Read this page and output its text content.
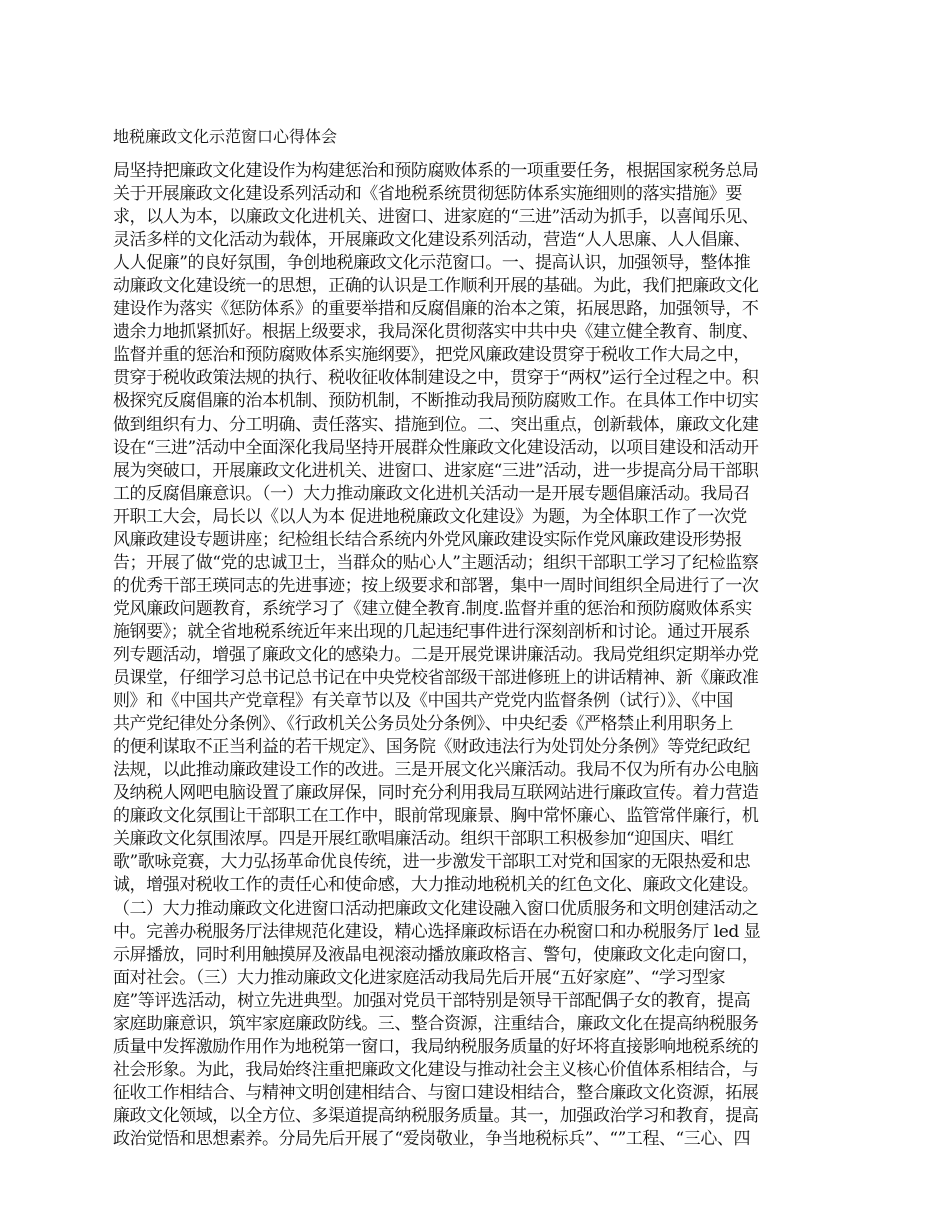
地税廉政文化示范窗口心得体会

局坚持把廉政文化建设作为构建惩治和预防腐败体系的一项重要任务，根据国家税务总局

关于开展廉政文化建设系列活动和《省地税系统贯彻惩防体系实施细则的落实措施》要

求，以人为本，以廉政文化进机关、进窗口、进家庭的“三进”活动为抓手，以喜闻乐见、

灵活多样的文化活动为载体，开展廉政文化建设系列活动，营造“人人思廉、人人倡廉、

人人促廉”的良好氛围，争创地税廉政文化示范窗口。一、提高认识，加强领导，整体推

动廉政文化建设统一的思想，正确的认识是工作顺利开展的基础。为此，我们把廉政文化

建设作为落实《惩防体系》的重要举措和反腐倡廉的治本之策，拓展思路，加强领导，不

遗余力地抓紧抓好。根据上级要求，我局深化贯彻落实中共中央《建立健全教育、制度、

监督并重的惩治和预防腐败体系实施纲要》，把党风廉政建设贯穿于税收工作大局之中，

贯穿于税收政策法规的执行、税收征收体制建设之中，贯穿于“两权”运行全过程之中。积

极探究反腐倡廉的治本机制、预防机制，不断推动我局预防腐败工作。在具体工作中切实

做到组织有力、分工明确、责任落实、措施到位。二、突出重点，创新载体，廉政文化建

设在“三进”活动中全面深化我局坚持开展群众性廉政文化建设活动，以项目建设和活动开

展为突破口，开展廉政文化进机关、进窗口、进家庭“三进”活动，进一步提高分局干部职

工的反腐倡廉意识。（一）大力推动廉政文化进机关活动一是开展专题倡廉活动。我局召

开职工大会，局长以《以人为本 促进地税廉政文化建设》为题，为全体职工作了一次党

风廉政建设专题讲座；纪检组长结合系统内外党风廉政建设实际作党风廉政建设形势报

告；开展了做“党的忠诚卫士，当群众的贴心人”主题活动；组织干部职工学习了纪检监察

的优秀干部王瑛同志的先进事迹；按上级要求和部署，集中一周时间组织全局进行了一次

党风廉政问题教育，系统学习了《建立健全教育.制度.监督并重的惩治和预防腐败体系实

施钢要》；就全省地税系统近年来出现的几起违纪事件进行深刻剖析和讨论。通过开展系

列专题活动，增强了廉政文化的感染力。二是开展党课讲廉活动。我局党组织定期举办党

员课堂，仔细学习总书记总书记在中央党校省部级干部进修班上的讲话精神、新《廉政准

则》和《中国共产党章程》有关章节以及《中国共产党党内监督条例（试行）》、《中国

共产党纪律处分条例》、《行政机关公务员处分条例》、中央纪委《严格禁止利用职务上

的便利谋取不正当利益的若干规定》、国务院《财政违法行为处罚处分条例》等党纪政纪

法规，以此推动廉政建设工作的改进。三是开展文化兴廉活动。我局不仅为所有办公电脑

及纳税人网吧电脑设置了廉政屏保，同时充分利用我局互联网站进行廉政宣传。着力营造

的廉政文化氛围让干部职工在工作中，眼前常现廉景、胸中常怀廉心、监管常伴廉行，机

关廉政文化氛围浓厚。四是开展红歌唱廉活动。组织干部职工积极参加“迎国庆、唱红

歌”歌咏竞赛，大力弘扬革命优良传统，进一步激发干部职工对党和国家的无限热爱和忠

诚，增强对税收工作的责任心和使命感，大力推动地税机关的红色文化、廉政文化建设。

（二）大力推动廉政文化进窗口活动把廉政文化建设融入窗口优质服务和文明创建活动之

中。完善办税服务厅法律规范化建设，精心选择廉政标语在办税窗口和办税服务厅 led 显

示屏播放，同时利用触摸屏及液晶电视滚动播放廉政格言、警句，使廉政文化走向窗口，

面对社会。（三）大力推动廉政文化进家庭活动我局先后开展“五好家庭”、“学习型家

庭”等评选活动，树立先进典型。加强对党员干部特别是领导干部配偶子女的教育，提高

家庭助廉意识，筑牢家庭廉政防线。三、整合资源，注重结合，廉政文化在提高纳税服务

质量中发挥激励作用作为地税第一窗口，我局纳税服务质量的好坏将直接影响地税系统的

社会形象。为此，我局始终注重把廉政文化建设与推动社会主义核心价值体系相结合，与

征收工作相结合、与精神文明创建相结合、与窗口建设相结合，整合廉政文化资源，拓展

廉政文化领域，以全方位、多渠道提高纳税服务质量。其一，加强政治学习和教育，提高

政治觉悟和思想素养。分局先后开展了“爱岗敬业，争当地税标兵”、“”工程、“三心、四
